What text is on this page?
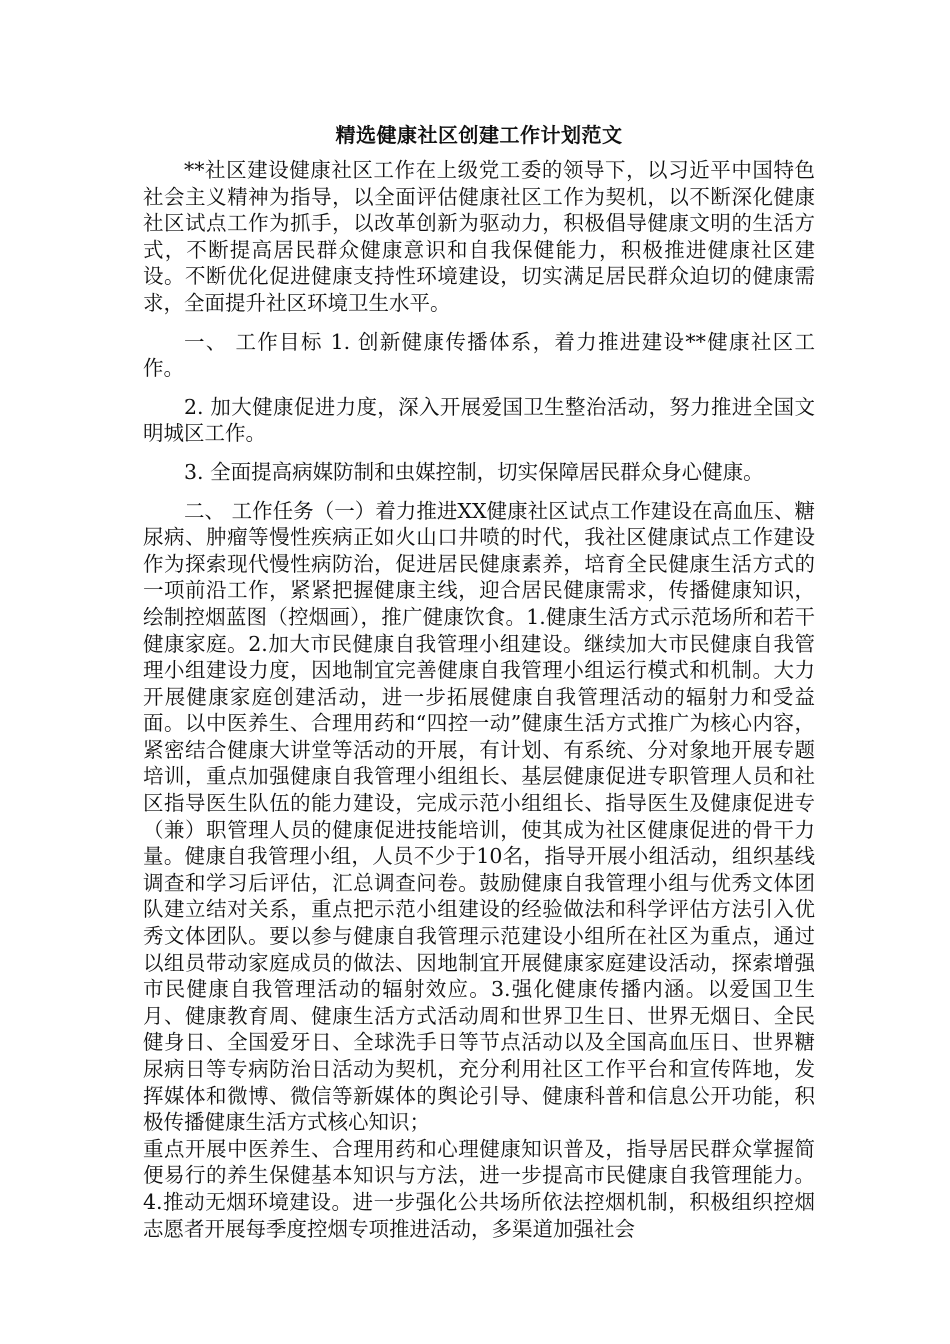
精选健康社区创建工作计划范文

**社区建设健康社区工作在上级党工委的领导下，以习近平中国特色社会主义精神为指导，以全面评估健康社区工作为契机，以不断深化健康社区试点工作为抓手，以改革创新为驱动力，积极倡导健康文明的生活方式，不断提高居民群众健康意识和自我保健能力，积极推进健康社区建设。不断优化促进健康支持性环境建设，切实满足居民群众迫切的健康需求，全面提升社区环境卫生水平。

一、 工作目标 1. 创新健康传播体系，着力推进建设**健康社区工作。

2. 加大健康促进力度，深入开展爱国卫生整治活动，努力推进全国文明城区工作。

3. 全面提高病媒防制和虫媒控制，切实保障居民群众身心健康。

二、 工作任务（一）着力推进XX健康社区试点工作建设在高血压、糖尿病、肿瘤等慢性疾病正如火山口井喷的时代，我社区健康试点工作建设作为探索现代慢性病防治，促进居民健康素养，培育全民健康生活方式的一项前沿工作，紧紧把握健康主线，迎合居民健康需求，传播健康知识，绘制控烟蓝图（控烟画），推广健康饮食。1.健康生活方式示范场所和若干健康家庭。2.加大市民健康自我管理小组建设。继续加大市民健康自我管理小组建设力度，因地制宜完善健康自我管理小组运行模式和机制。大力开展健康家庭创建活动，进一步拓展健康自我管理活动的辐射力和受益面。以中医养生、合理用药和“四控一动”健康生活方式推广为核心内容，紧密结合健康大讲堂等活动的开展，有计划、有系统、分对象地开展专题培训，重点加强健康自我管理小组组长、基层健康促进专职管理人员和社区指导医生队伍的能力建设，完成示范小组组长、指导医生及健康促进专（兼）职管理人员的健康促进技能培训，使其成为社区健康促进的骨干力量。健康自我管理小组，人员不少于10名，指导开展小组活动，组织基线调查和学习后评估，汇总调查问卷。鼓励健康自我管理小组与优秀文体团队建立结对关系，重点把示范小组建设的经验做法和科学评估方法引入优秀文体团队。要以参与健康自我管理示范建设小组所在社区为重点，通过以组员带动家庭成员的做法、因地制宜开展健康家庭建设活动，探索增强市民健康自我管理活动的辐射效应。3.强化健康传播内涵。以爱国卫生月、健康教育周、健康生活方式活动周和世界卫生日、世界无烟日、全民健身日、全国爱牙日、全球洗手日等节点活动以及全国高血压日、世界糖尿病日等专病防治日活动为契机，充分利用社区工作平台和宣传阵地，发挥媒体和微博、微信等新媒体的舆论引导、健康科普和信息公开功能，积极传播健康生活方式核心知识；

重点开展中医养生、合理用药和心理健康知识普及，指导居民群众掌握简便易行的养生保健基本知识与方法，进一步提高市民健康自我管理能力。4.推动无烟环境建设。进一步强化公共场所依法控烟机制，积极组织控烟志愿者开展每季度控烟专项推进活动，多渠道加强社会
